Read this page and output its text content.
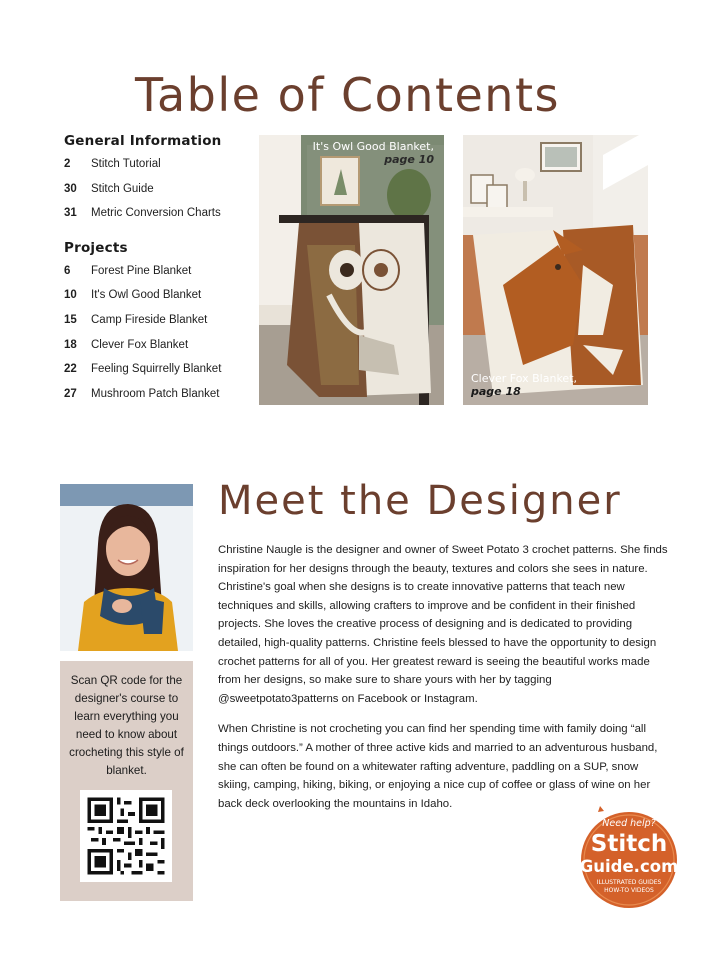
Table of Contents
General Information
2	Stitch Tutorial
30	Stitch Guide
31	Metric Conversion Charts
Projects
6	Forest Pine Blanket
10	It's Owl Good Blanket
15	Camp Fireside Blanket
18	Clever Fox Blanket
22	Feeling Squirrelly Blanket
27	Mushroom Patch Blanket
It's Owl Good Blanket,
page 10
Clever Fox Blanket,
page 18
Scan QR code for the designer's course to learn everything you need to know about crocheting this style of blanket.
Meet the Designer

Christine Naugle is the designer and owner of Sweet Potato 3 crochet patterns. She finds inspiration for her designs through the beauty, textures and colors she sees in nature. Christine's goal when she designs is to create innovative patterns that teach new techniques and skills, allowing crafters to improve and be confident in their finished projects. She loves the creative process of designing and is dedicated to providing detailed, high-quality patterns. Christine feels blessed to have the opportunity to design crochet patterns for all of you. Her greatest reward is seeing the beautiful works made from her designs, so make sure to share yours with her by tagging @sweetpotato3patterns on Facebook or Instagram.

When Christine is not crocheting you can find her spending time with family doing “all things outdoors.” A mother of three active kids and married to an adventurous husband, she can often be found on a whitewater rafting adventure, paddling on a SUP, snow skiing, camping, hiking, biking, or enjoying a nice cup of coffee or glass of wine on her back deck overlooking the mountains in Idaho.

Need help?
Stitch
Guide.com
ILLUSTRATED GUIDES
HOW-TO VIDEOS
